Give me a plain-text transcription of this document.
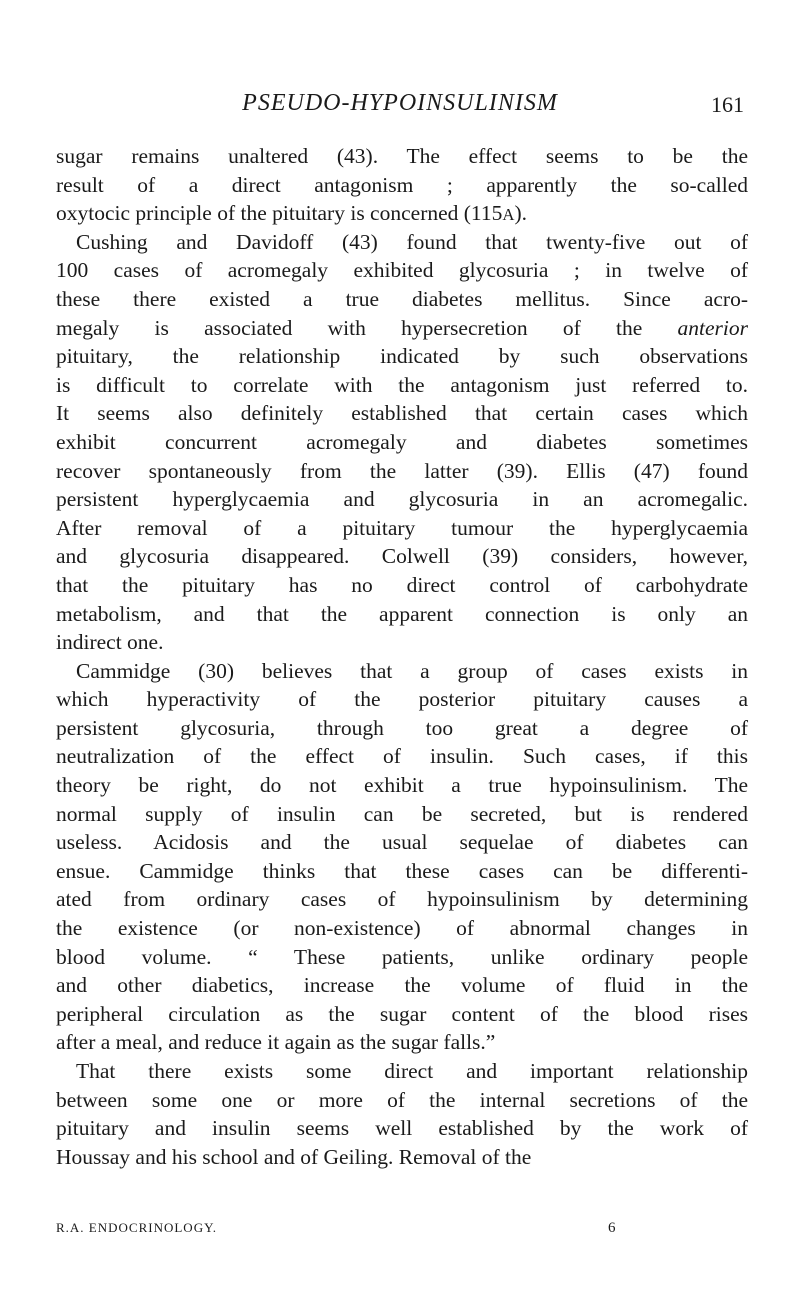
PSEUDO-HYPOINSULINISM	161
sugar remains unaltered (43). The effect seems to be the
result of a direct antagonism ; apparently the so-called
oxytocic principle of the pituitary is concerned (115A).
Cushing and Davidoff (43) found that twenty-five out of
100 cases of acromegaly exhibited glycosuria ; in twelve of
these there existed a true diabetes mellitus. Since acro-
megaly is associated with hypersecretion of the anterior
pituitary, the relationship indicated by such observations
is difficult to correlate with the antagonism just referred to.
It seems also definitely established that certain cases which
exhibit concurrent acromegaly and diabetes sometimes
recover spontaneously from the latter (39). Ellis (47) found
persistent hyperglycaemia and glycosuria in an acromegalic.
After removal of a pituitary tumour the hyperglycaemia
and glycosuria disappeared. Colwell (39) considers, however,
that the pituitary has no direct control of carbohydrate
metabolism, and that the apparent connection is only an
indirect one.
Cammidge (30) believes that a group of cases exists in
which hyperactivity of the posterior pituitary causes a
persistent glycosuria, through too great a degree of
neutralization of the effect of insulin. Such cases, if this
theory be right, do not exhibit a true hypoinsulinism. The
normal supply of insulin can be secreted, but is rendered
useless. Acidosis and the usual sequelae of diabetes can
ensue. Cammidge thinks that these cases can be differenti-
ated from ordinary cases of hypoinsulinism by determining
the existence (or non-existence) of abnormal changes in
blood volume. “ These patients, unlike ordinary people
and other diabetics, increase the volume of fluid in the
peripheral circulation as the sugar content of the blood rises
after a meal, and reduce it again as the sugar falls.”
That there exists some direct and important relationship
between some one or more of the internal secretions of the
pituitary and insulin seems well established by the work of
Houssay and his school and of Geiling. Removal of the
R.A. ENDOCRINOLOGY.	6
